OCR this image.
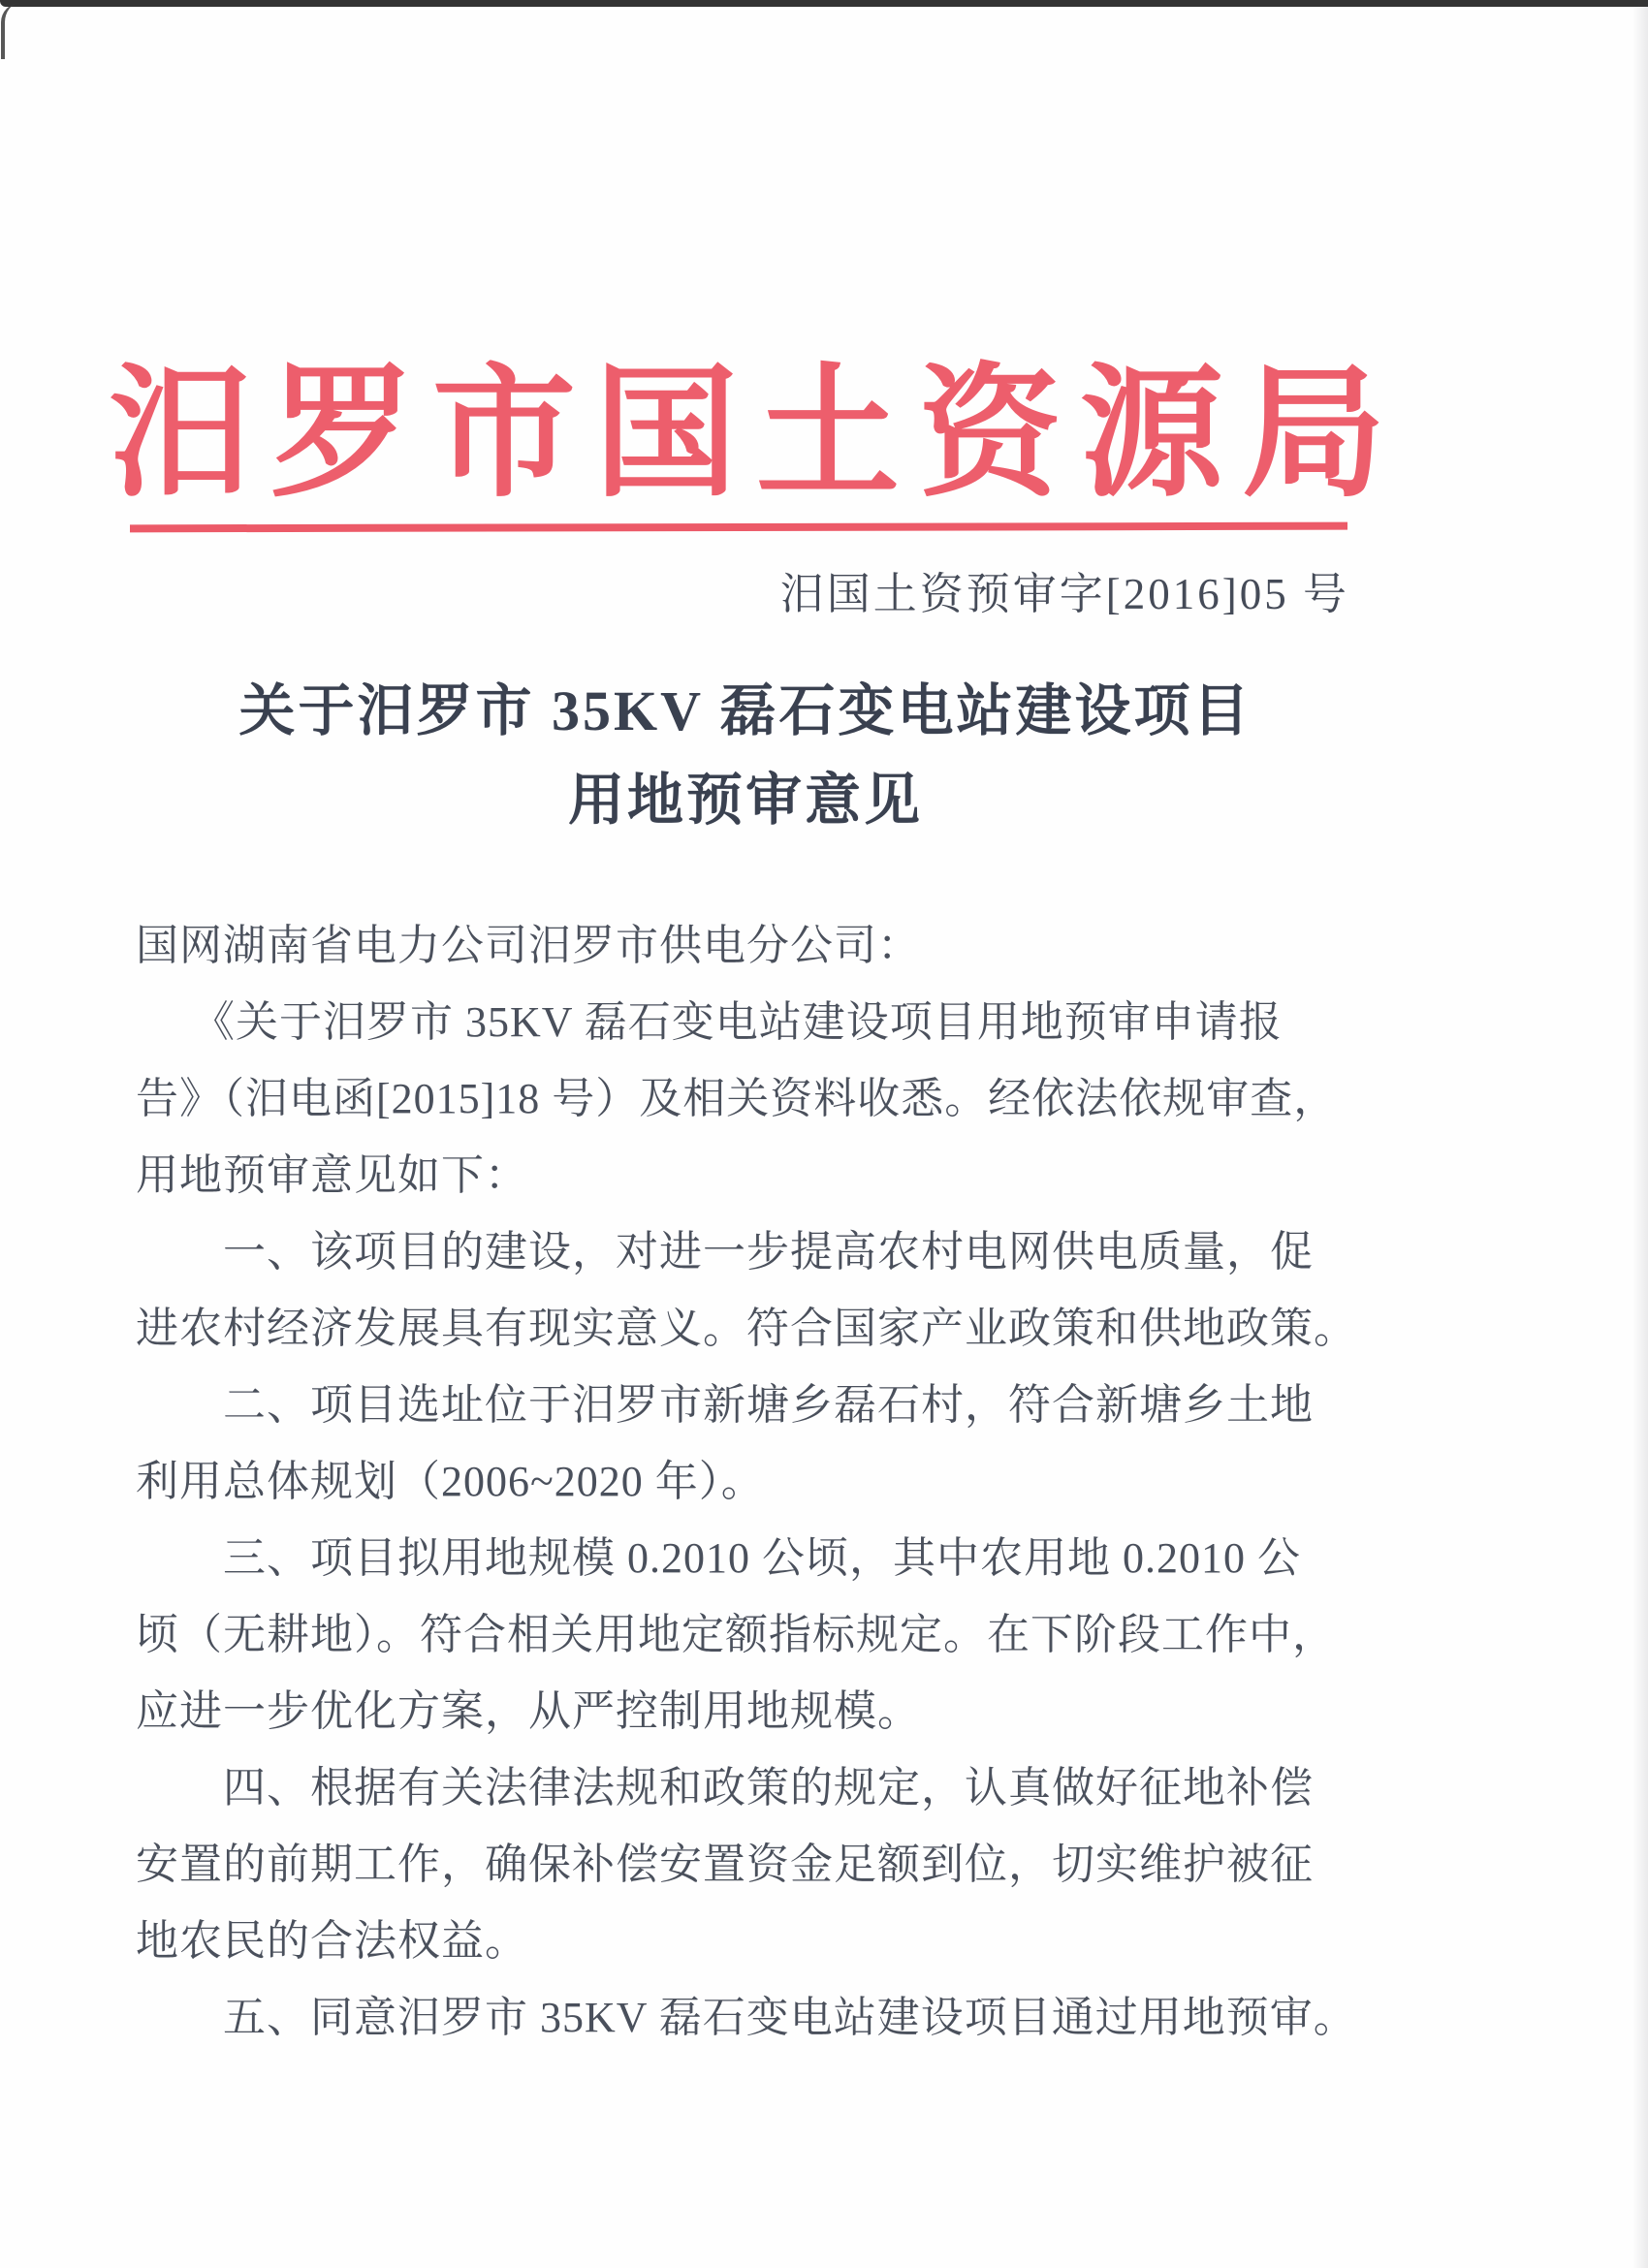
汨罗市国土资源局
汨国土资预审字[2016]05 号
关于汨罗市 35KV 磊石变电站建设项目
用地预审意见
国网湖南省电力公司汨罗市供电分公司：
《关于汨罗市 35KV 磊石变电站建设项目用地预审申请报
告》（汨电函[2015]18 号）及相关资料收悉。经依法依规审查，
用地预审意见如下：
一、该项目的建设，对进一步提高农村电网供电质量，促
进农村经济发展具有现实意义。符合国家产业政策和供地政策。
二、项目选址位于汨罗市新塘乡磊石村，符合新塘乡土地
利用总体规划（2006~2020 年）。
三、项目拟用地规模 0.2010 公顷，其中农用地 0.2010 公
顷（无耕地）。符合相关用地定额指标规定。在下阶段工作中，
应进一步优化方案，从严控制用地规模。
四、根据有关法律法规和政策的规定，认真做好征地补偿
安置的前期工作，确保补偿安置资金足额到位，切实维护被征
地农民的合法权益。
五、同意汨罗市 35KV 磊石变电站建设项目通过用地预审。
